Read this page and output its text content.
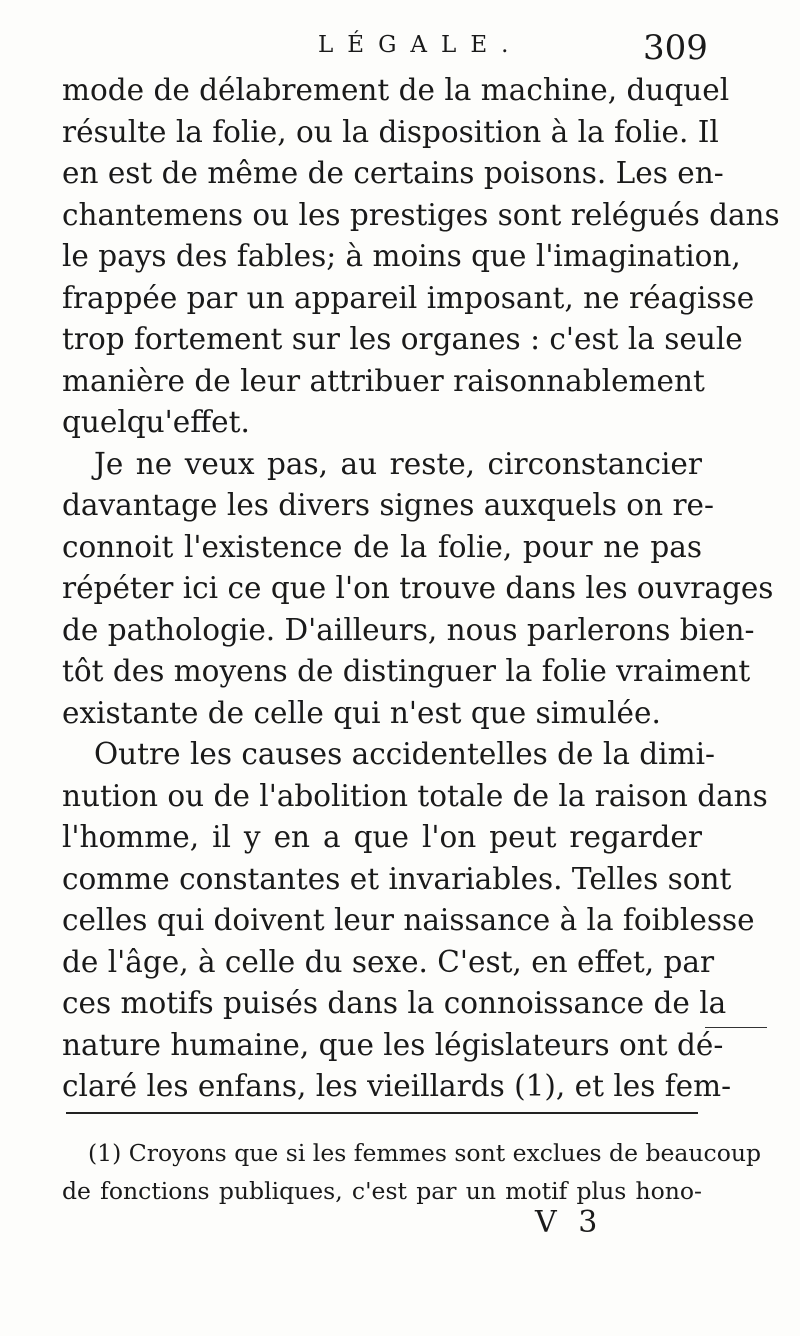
LÉGALE.	309
mode de délabrement de la machine, duquel
résulte la folie, ou la disposition à la folie. Il
en est de même de certains poisons. Les en-
chantemens ou les prestiges sont relégués dans
le pays des fables; à moins que l'imagination,
frappée par un appareil imposant, ne réagisse
trop fortement sur les organes : c'est la seule
manière de leur attribuer raisonnablement
quelqu'effet.
Je ne veux pas, au reste, circonstancier
davantage les divers signes auxquels on re-
connoit l'existence de la folie, pour ne pas
répéter ici ce que l'on trouve dans les ouvrages
de pathologie. D'ailleurs, nous parlerons bien-
tôt des moyens de distinguer la folie vraiment
existante de celle qui n'est que simulée.
Outre les causes accidentelles de la dimi-
nution ou de l'abolition totale de la raison dans
l'homme, il y en a que l'on peut regarder
comme constantes et invariables. Telles sont
celles qui doivent leur naissance à la foiblesse
de l'âge, à celle du sexe. C'est, en effet, par
ces motifs puisés dans la connoissance de la
nature humaine, que les législateurs ont dé-
claré les enfans, les vieillards (1), et les fem-
(1) Croyons que si les femmes sont exclues de beaucoup
de fonctions publiques, c'est par un motif plus hono-
V 3
